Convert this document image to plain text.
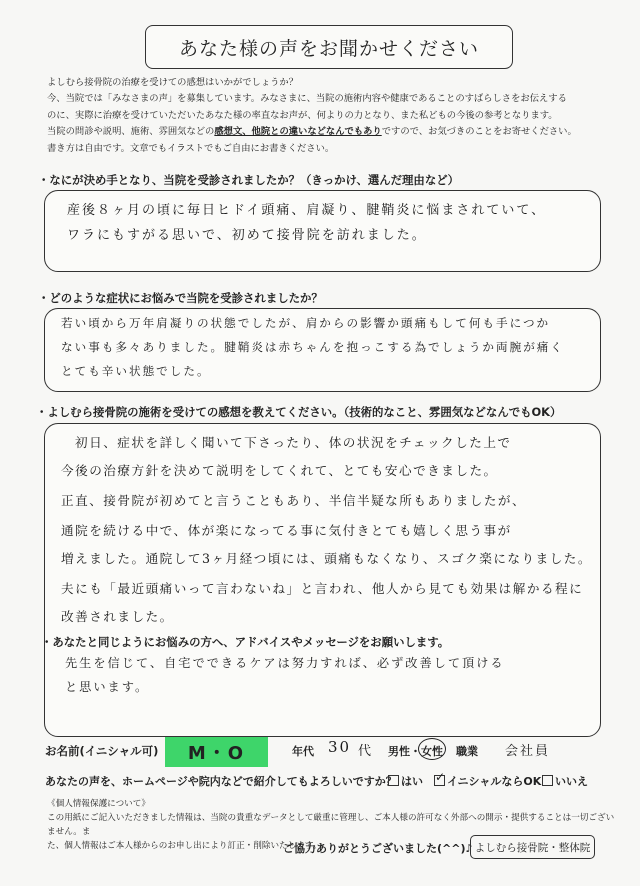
あなた様の声をお聞かせください
よしむら接骨院の治療を受けての感想はいかがでしょうか？
今、当院では「みなさまの声」を募集しています。みなさまに、当院の施術内容や健康であることのすばらしさをお伝えする
のに、実際に治療を受けていただいたあなた様の率直なお声が、何よりの力となり、また私どもの今後の参考となります。
当院の問診や説明、施術、雰囲気などの感想文、他院との違いなどなんでもありですので、お気づきのことをお寄せください。
書き方は自由です。文章でもイラストでもご自由にお書きください。
・なにが決め手となり、当院を受診されましたか？（きっかけ、選んだ理由など）
産後８ヶ月の頃に毎日ヒドイ頭痛、肩凝り、腱鞘炎に悩まされていて、
ワラにもすがる思いで、初めて接骨院を訪れました。
・どのような症状にお悩みで当院を受診されましたか？
若い頃から万年肩凝りの状態でしたが、肩からの影響か頭痛もして何も手につか
ない事も多々ありました。腱鞘炎は赤ちゃんを抱っこする為でしょうか両腕が痛く
とても辛い状態でした。
・よしむら接骨院の施術を受けての感想を教えてください。（技術的なこと、雰囲気などなんでもOK）
初日、症状を詳しく聞いて下さったり、体の状況をチェックした上で
今後の治療方針を決めて説明をしてくれて、とても安心できました。
正直、接骨院が初めてと言うこともあり、半信半疑な所もありましたが、
通院を続ける中で、体が楽になってる事に気付きとても嬉しく思う事が
増えました。通院して3ヶ月経つ頃には、頭痛もなくなり、スゴク楽になりました。
夫にも「最近頭痛いって言わないね」と言われ、他人から見ても効果は解かる程に
改善されました。
・あなたと同じようにお悩みの方へ、アドバイスやメッセージをお願いします。
先生を信じて、自宅でできるケアは努力すれば、必ず改善して頂ける
と思います。
お名前(イニシャル可)	M・O	年代 30 代 男性・女性 職業 会社員
あなたの声を、ホームページや院内などで紹介してもよろしいですか？ はい ✓	イニシャルならOK	いいえ
《個人情報保護について》
この用紙にご記入いただきました情報は、当院の貴重なデータとして厳重に管理し、ご本人様の許可なく外部への開示・提供することは一切ございません。ま
た、個人情報はご本人様からのお申し出により訂正・削除いたします。
ご協力ありがとうございました(^^)♪ よしむら接骨院・整体院
